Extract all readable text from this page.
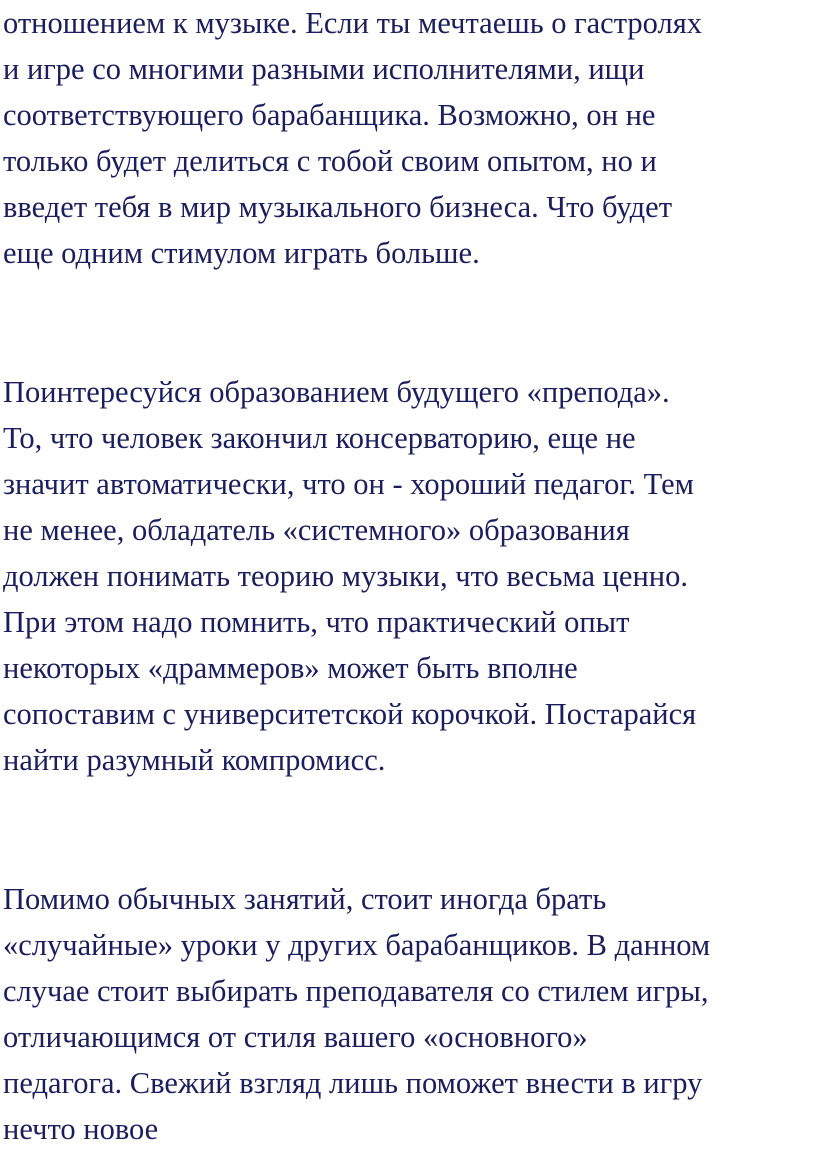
отношением к музыке. Если ты мечтаешь о гастролях
и игре со многими разными исполнителями, ищи
соответствующего барабанщика. Возможно, он не
только будет делиться с тобой своим опытом, но и
введет тебя в мир музыкального бизнеса. Что будет
еще одним стимулом играть больше.
Поинтересуйся образованием будущего «препода».
То, что человек закончил консерваторию, еще не
значит автоматически, что он - хороший педагог. Тем
не менее, обладатель «системного» образования
должен понимать теорию музыки, что весьма ценно.
При этом надо помнить, что практический опыт
некоторых «драммеров» может быть вполне
сопоставим с университетской корочкой. Постарайся
найти разумный компромисс.
Помимо обычных занятий, стоит иногда брать
«случайные» уроки у других барабанщиков. В данном
случае стоит выбирать преподавателя со стилем игры,
отличающимся от стиля вашего «основного»
педагога. Свежий взгляд лишь поможет внести в игру
нечто новое
